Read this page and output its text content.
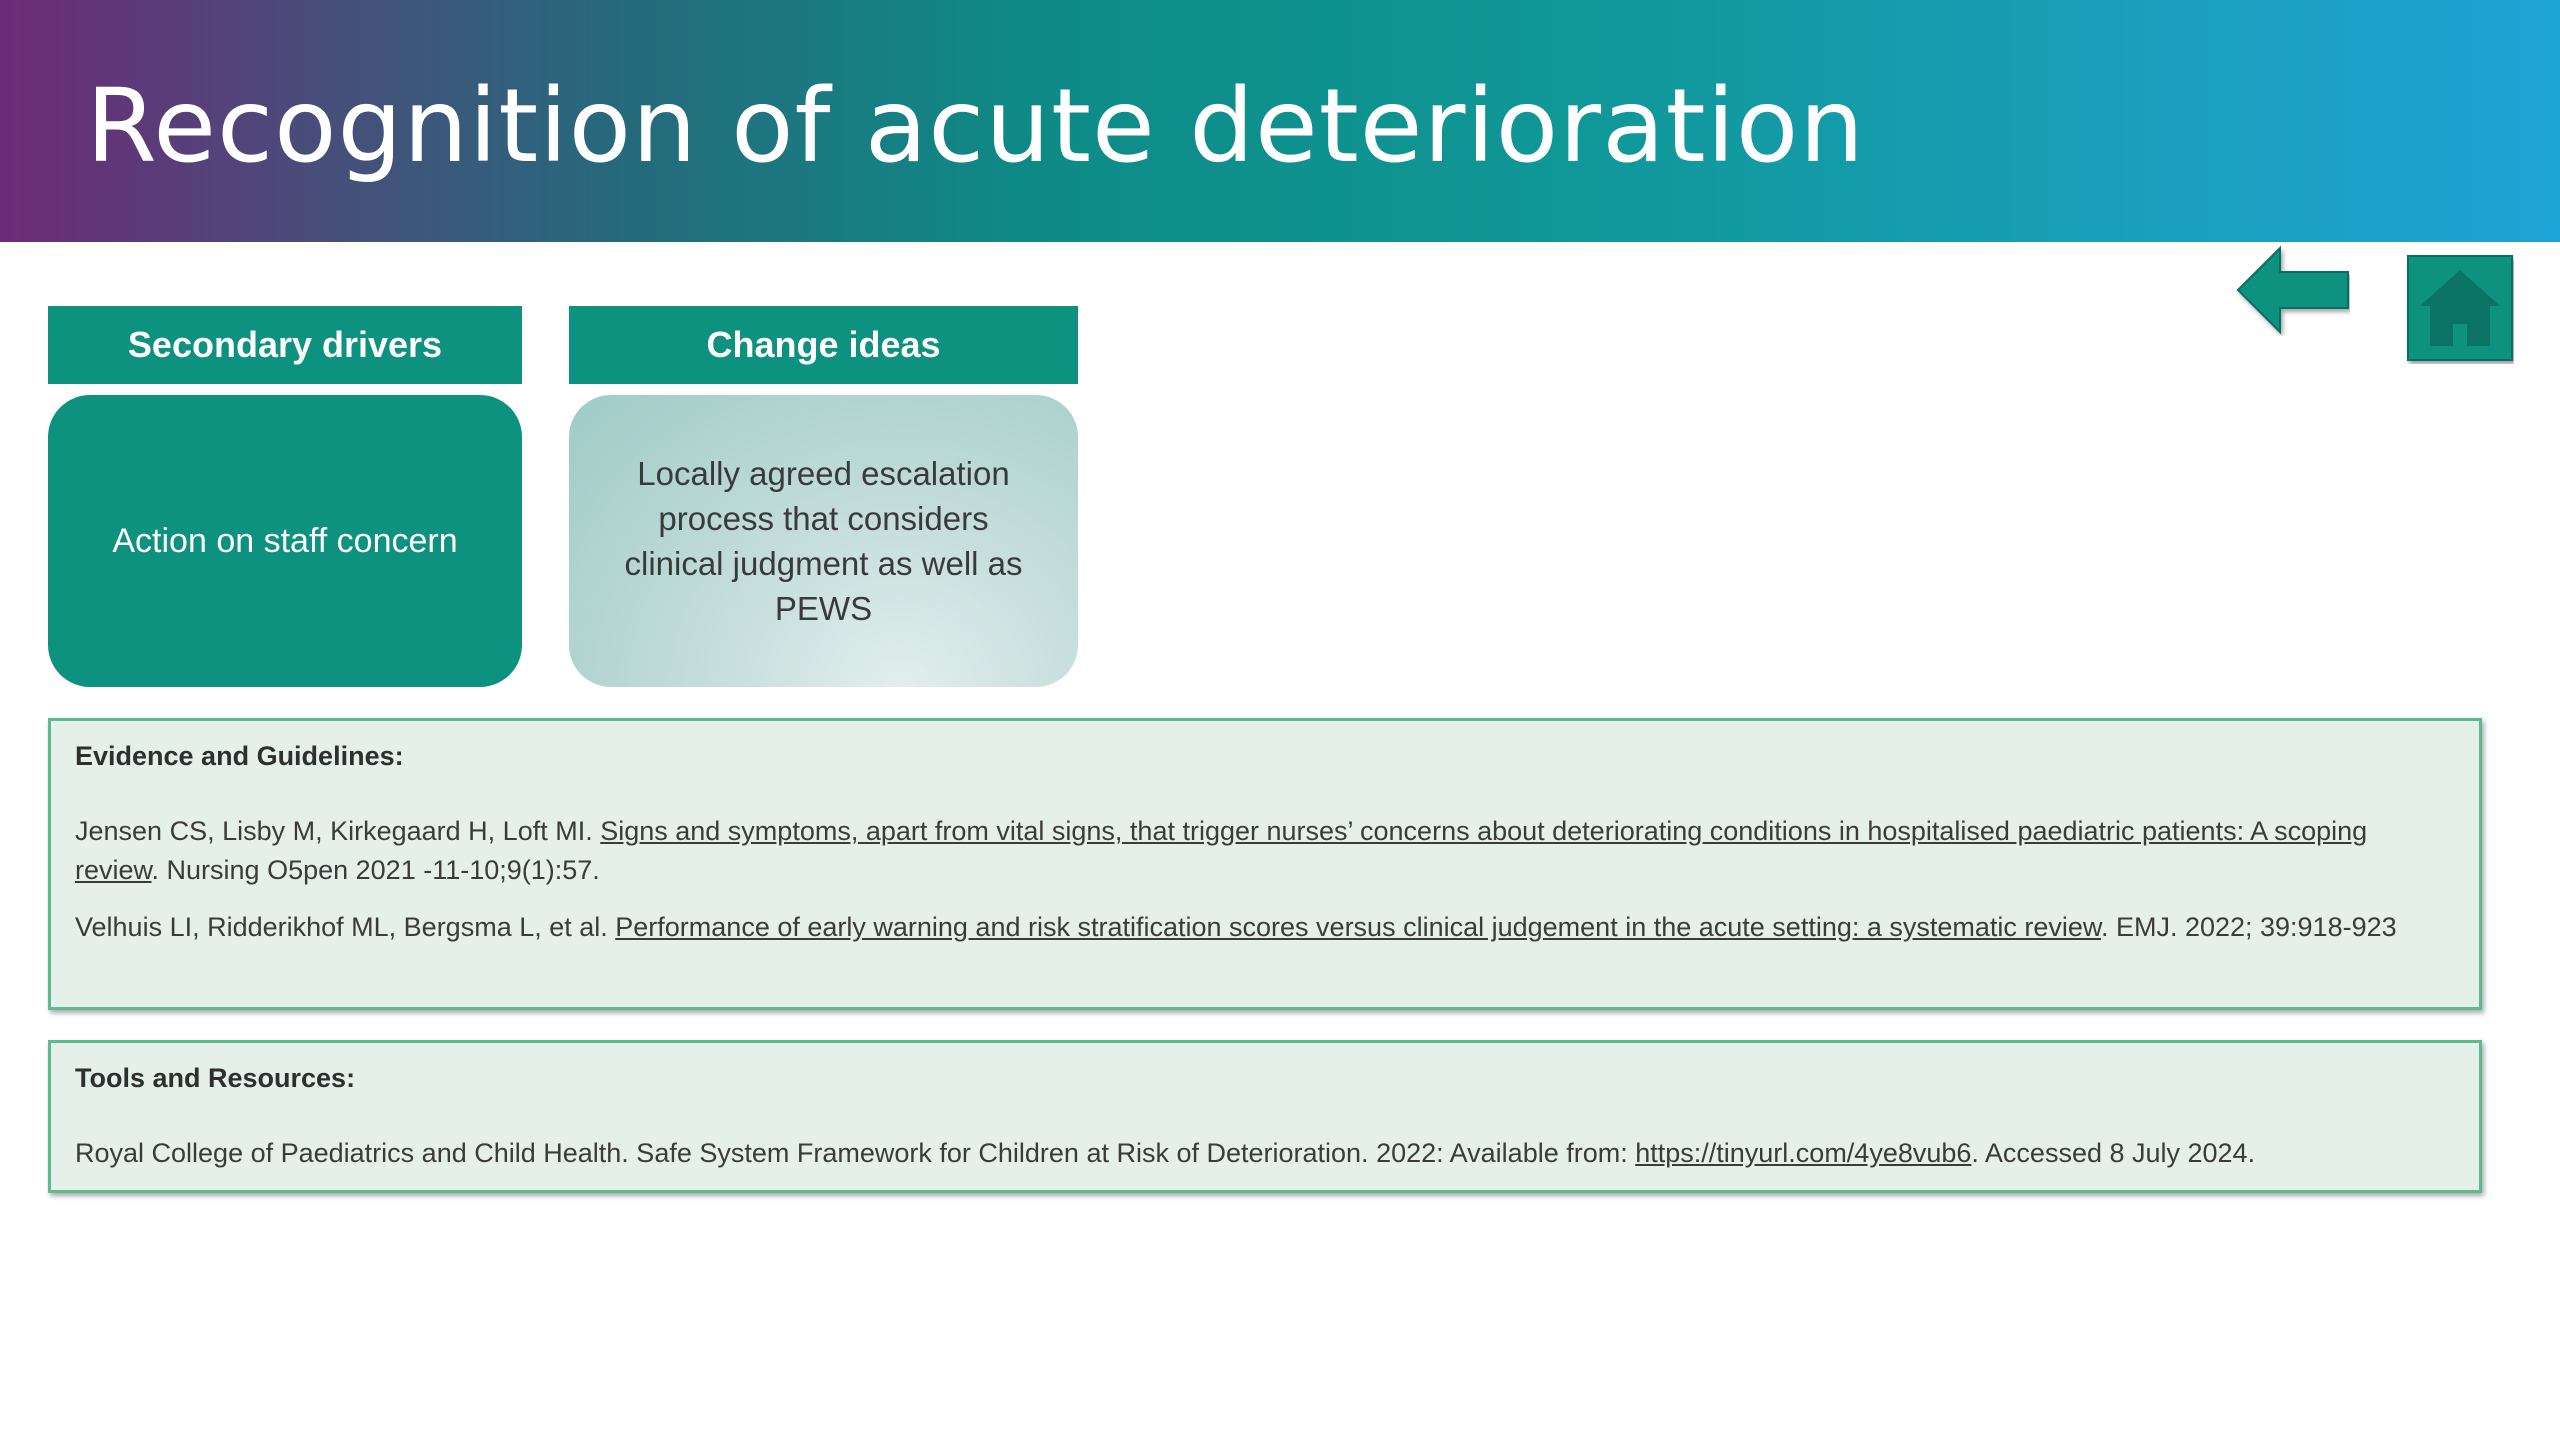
Recognition of acute deterioration
Secondary drivers	Change ideas
Action on staff concern
Locally agreed escalation process that considers clinical judgment as well as PEWS
Evidence and Guidelines:
Jensen CS, Lisby M, Kirkegaard H, Loft MI. Signs and symptoms, apart from vital signs, that trigger nurses’ concerns about deteriorating conditions in hospitalised paediatric patients: A scoping review. Nursing O5pen 2021 -11-10;9(1):57.
Velhuis LI, Ridderikhof ML, Bergsma L, et al. Performance of early warning and risk stratification scores versus clinical judgement in the acute setting: a systematic review. EMJ. 2022; 39:918-923
Tools and Resources:
Royal College of Paediatrics and Child Health. Safe System Framework for Children at Risk of Deterioration. 2022: Available from: https://tinyurl.com/4ye8vub6. Accessed 8 July 2024.
